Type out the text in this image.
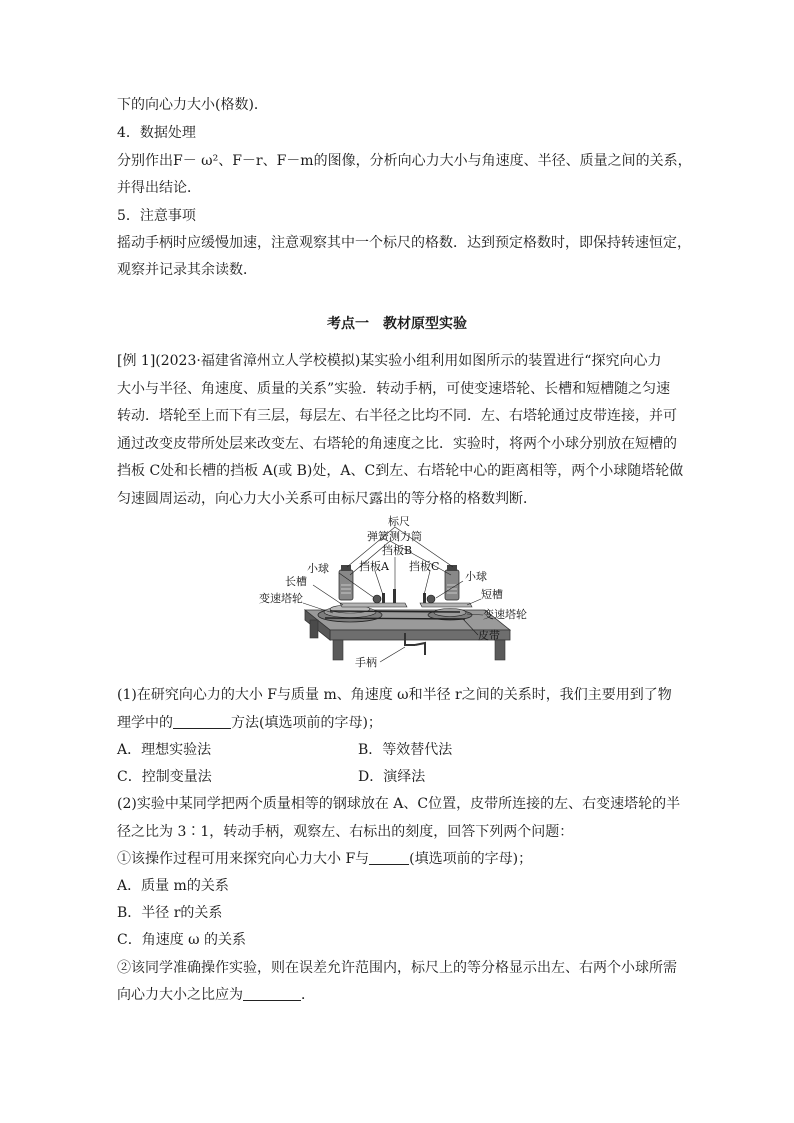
下的向心力大小(格数)．
4．数据处理
分别作出F－ ω²、F－r、F－m的图像，分析向心力大小与角速度、半径、质量之间的关系，
并得出结论．
5．注意事项
摇动手柄时应缓慢加速，注意观察其中一个标尺的格数．达到预定格数时，即保持转速恒定，
观察并记录其余读数．
考点一　教材原型实验
[例 1](2023·福建省漳州立人学校模拟)某实验小组利用如图所示的装置进行“探究向心力
大小与半径、角速度、质量的关系”实验．转动手柄，可使变速塔轮、长槽和短槽随之匀速
转动．塔轮至上而下有三层，每层左、右半径之比均不同．左、右塔轮通过皮带连接，并可
通过改变皮带所处层来改变左、右塔轮的角速度之比．实验时，将两个小球分别放在短槽的
挡板 C处和长槽的挡板 A(或 B)处，A、C到左、右塔轮中心的距离相等，两个小球随塔轮做
匀速圆周运动，向心力大小关系可由标尺露出的等分格的格数判断．
标尺
弹簧测力筒
挡板B
小球	挡板A 挡板C
小球
长槽
短槽
变速塔轮
变速塔轮
皮带
手柄
(1)在研究向心力的大小 F与质量 m、角速度 ω和半径 r之间的关系时，我们主要用到了物
理学中的	方法(填选项前的字母)；
A．理想实验法	B．等效替代法
C．控制变量法	D．演绎法
(2)实验中某同学把两个质量相等的钢球放在 A、C位置，皮带所连接的左、右变速塔轮的半
径之比为 3∶1，转动手柄，观察左、右标出的刻度，回答下列两个问题：
①该操作过程可用来探究向心力大小 F与	(填选项前的字母)；
A．质量 m的关系
B．半径 r的关系
C．角速度 ω 的关系
②该同学准确操作实验，则在误差允许范围内，标尺上的等分格显示出左、右两个小球所需
向心力大小之比应为	．
